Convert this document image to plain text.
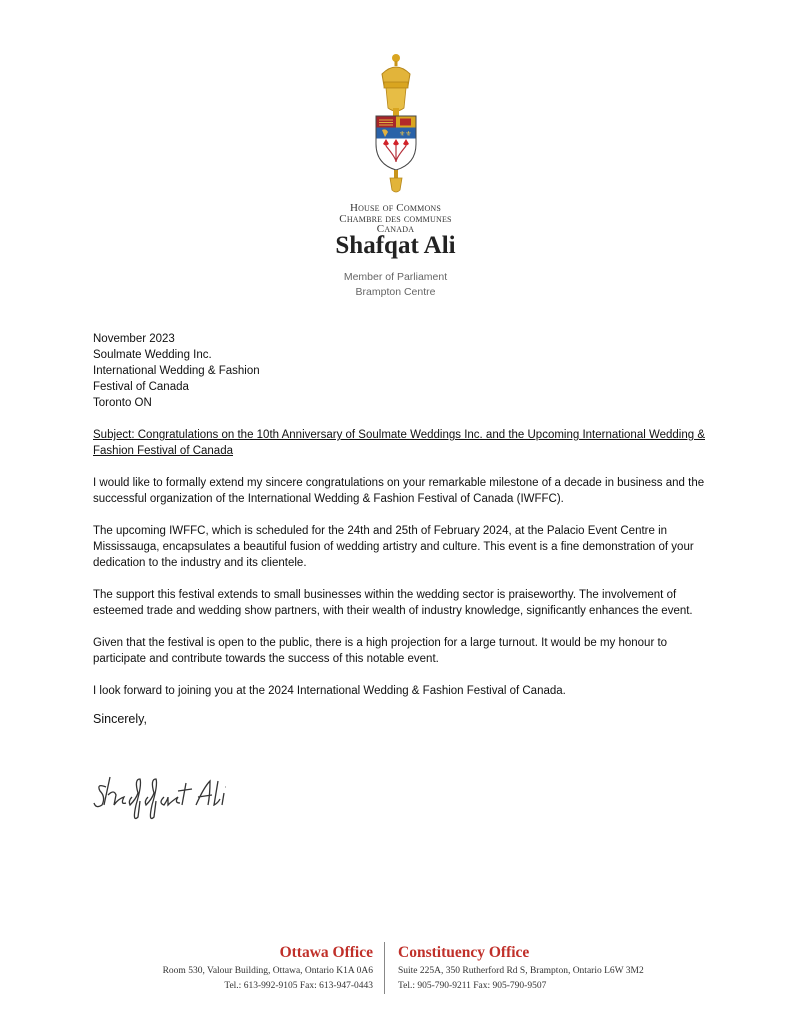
⚜⚜
House of Commons
Chambre des communes
Canada
Shafqat Ali
Member of Parliament
Brampton Centre
November 2023
Soulmate Wedding Inc.
International Wedding & Fashion
Festival of Canada
Toronto ON
Subject: Congratulations on the 10th Anniversary of Soulmate Weddings Inc. and the Upcoming International Wedding & Fashion Festival of Canada

I would like to formally extend my sincere congratulations on your remarkable milestone of a decade in business and the successful organization of the International Wedding & Fashion Festival of Canada (IWFFC).

The upcoming IWFFC, which is scheduled for the 24th and 25th of February 2024, at the Palacio Event Centre in Mississauga, encapsulates a beautiful fusion of wedding artistry and culture. This event is a fine demonstration of your dedication to the industry and its clientele.

The support this festival extends to small businesses within the wedding sector is praiseworthy. The involvement of esteemed trade and wedding show partners, with their wealth of industry knowledge, significantly enhances the event.

Given that the festival is open to the public, there is a high projection for a large turnout. It would be my honour to participate and contribute towards the success of this notable event.

I look forward to joining you at the 2024 International Wedding & Fashion Festival of Canada.

Sincerely,
Ottawa Office
Room 530, Valour Building, Ottawa, Ontario K1A 0A6
Tel.: 613-992-9105 Fax: 613-947-0443
Constituency Office
Suite 225A, 350 Rutherford Rd S, Brampton, Ontario L6W 3M2
Tel.: 905-790-9211 Fax: 905-790-9507
